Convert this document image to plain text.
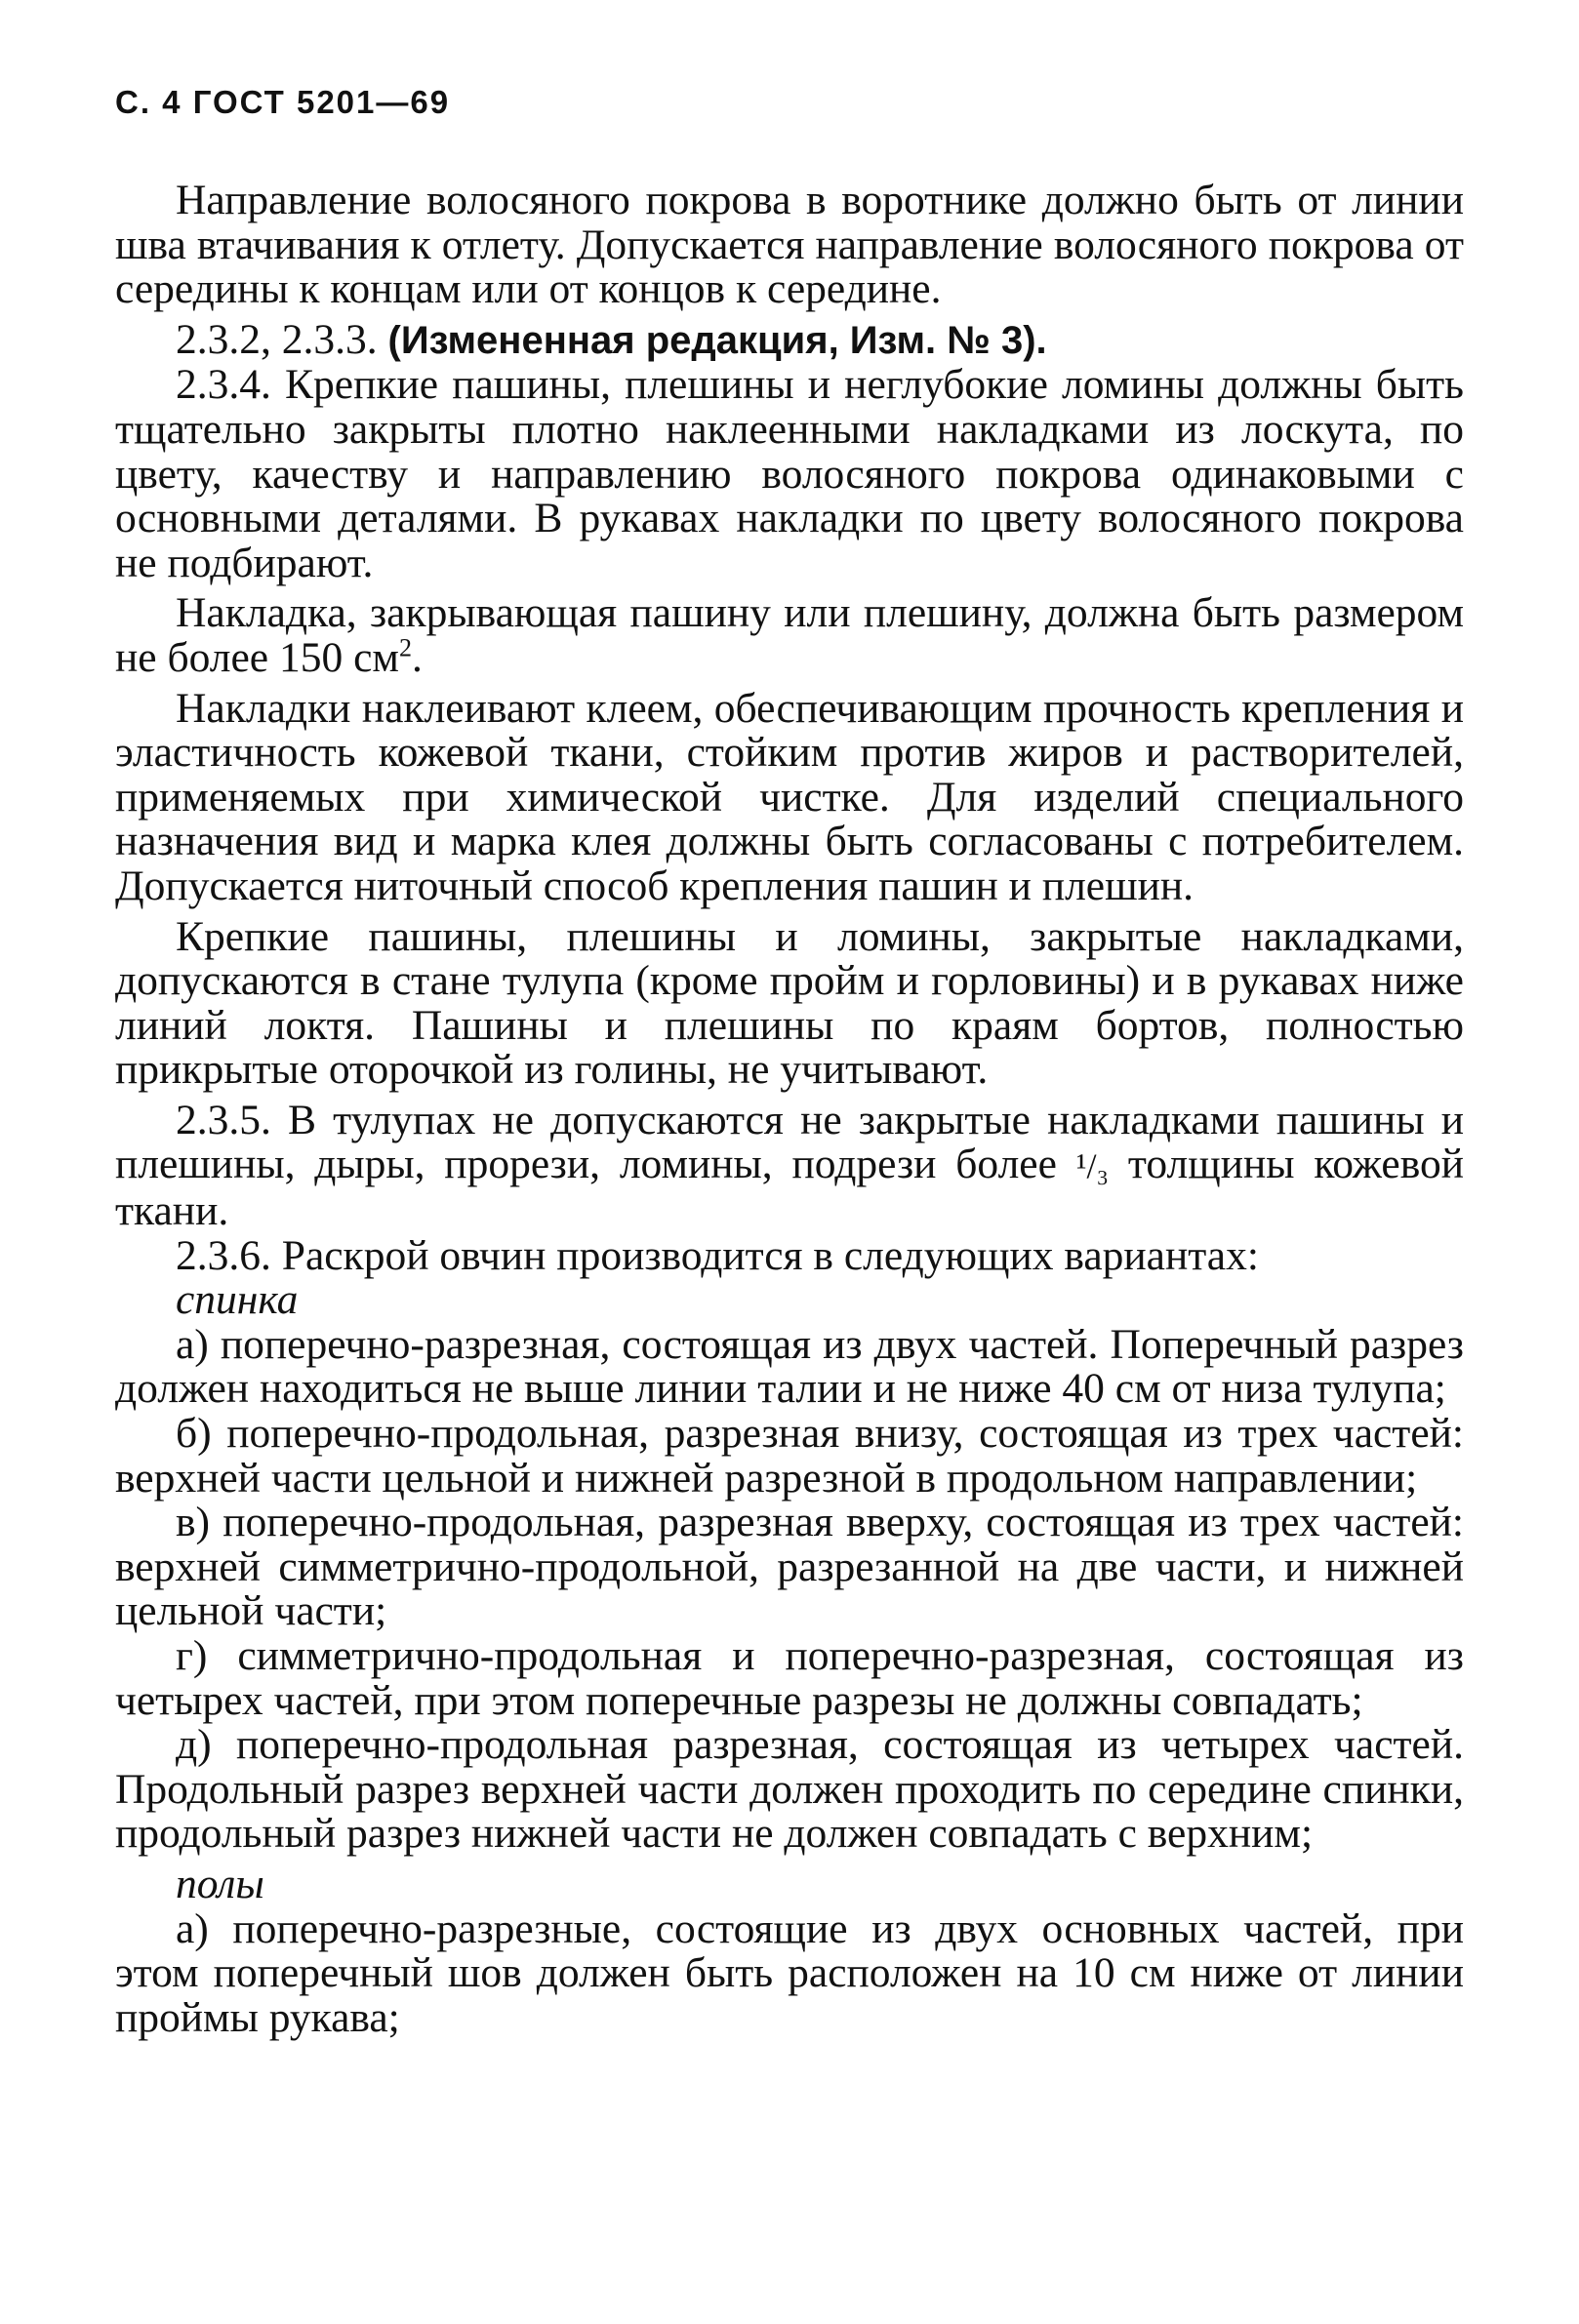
С. 4 ГОСТ 5201—69

Направление волосяного покрова в воротнике должно быть от линии шва втачивания к отлету. Допускается направление волосяного покрова от середины к концам или от концов к середине.

2.3.2, 2.3.3. (Измененная редакция, Изм. № 3).

2.3.4. Крепкие пашины, плешины и неглубокие ломины должны быть тщательно закрыты плотно наклеенными накладками из лоскута, по цвету, качеству и направлению волосяного покрова одинаковыми с основными деталями. В рукавах накладки по цвету волосяного покрова не подбирают.

Накладка, закрывающая пашину или плешину, должна быть размером не более 150 $см^2$.

Накладки наклеивают клеем, обеспечивающим прочность крепления и эластичность кожевой ткани, стойким против жиров и растворителей, применяемых при химической чистке. Для изделий специального назначения вид и марка клея должны быть согласованы с потребителем. Допускается ниточный способ крепления пашин и плешин.

Крепкие пашины, плешины и ломины, закрытые накладками, допускаются в стане тулупа (кроме пройм и горловины) и в рукавах ниже линий локтя. Пашины и плешины по краям бортов, полностью прикрытые оторочкой из голины, не учитывают.

2.3.5. В тулупах не допускаются не закрытые накладками пашины и плешины, дыры, прорези, ломины, подрези более ¹/₃ толщины кожевой ткани.

2.3.6. Раскрой овчин производится в следующих вариантах:

спинка

а) поперечно-разрезная, состоящая из двух частей. Поперечный разрез должен находиться не выше линии талии и не ниже 40 см от низа тулупа;

б) поперечно-продольная, разрезная внизу, состоящая из трех частей: верхней части цельной и нижней разрезной в продольном направлении;

в) поперечно-продольная, разрезная вверху, состоящая из трех частей: верхней симметрично-продольной, разрезанной на две части, и нижней цельной части;

г) симметрично-продольная и поперечно-разрезная, состоящая из четырех частей, при этом поперечные разрезы не должны совпадать;

д) поперечно-продольная разрезная, состоящая из четырех частей. Продольный разрез верхней части должен проходить по середине спинки, продольный разрез нижней части не должен совпадать с верхним;

полы

а) поперечно-разрезные, состоящие из двух основных частей, при этом поперечный шов должен быть расположен на 10 см ниже от линии проймы рукава;
